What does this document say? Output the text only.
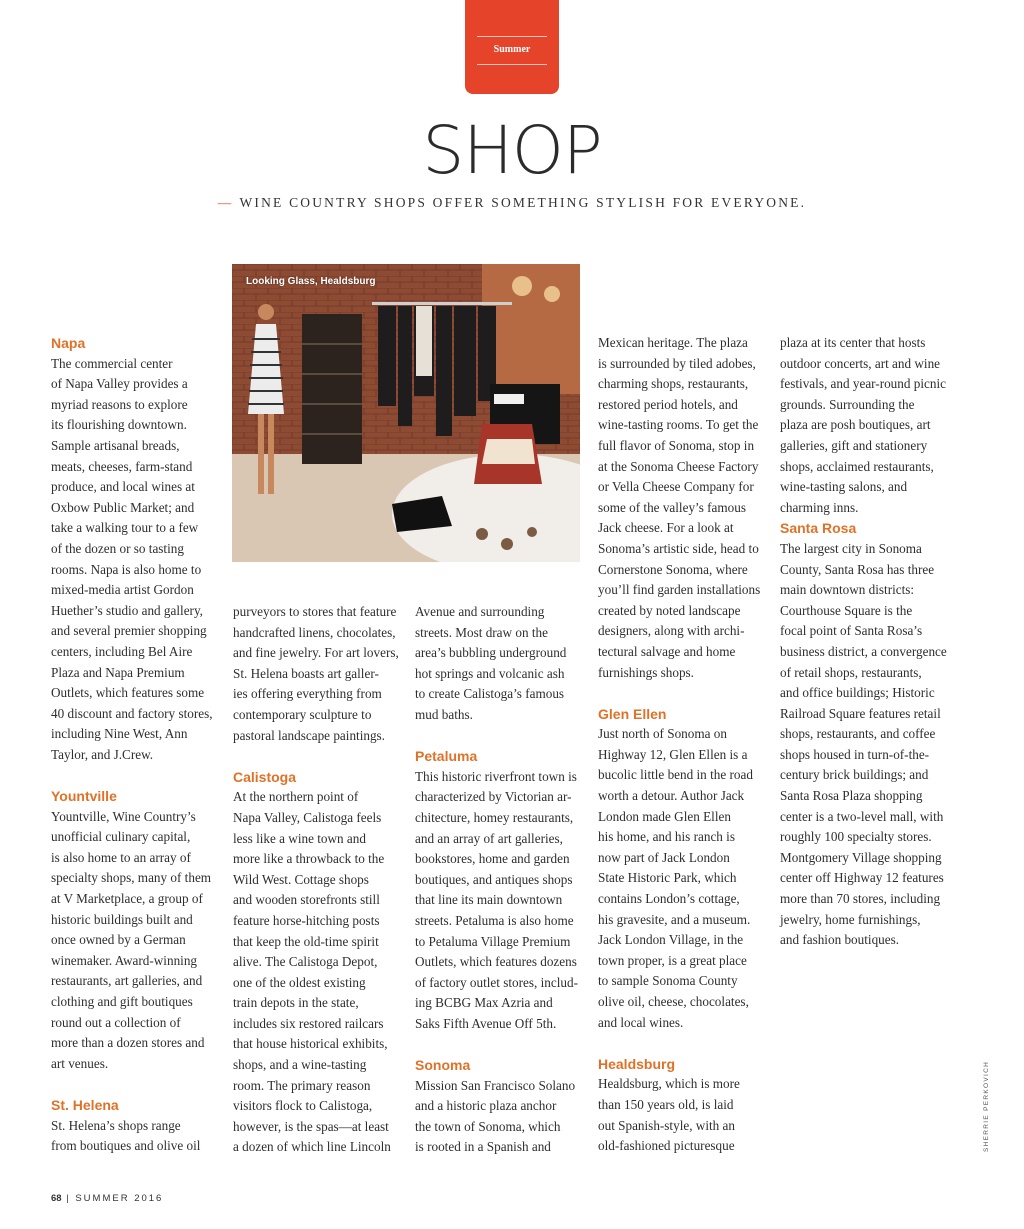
Summer
SHOP
— WINE COUNTRY SHOPS OFFER SOMETHING STYLISH FOR EVERYONE.
Looking Glass, Healdsburg
Napa

The commercial center
of Napa Valley provides a
myriad reasons to explore
its flourishing downtown.
Sample artisanal breads,
meats, cheeses, farm-stand
produce, and local wines at
Oxbow Public Market; and
take a walking tour to a few
of the dozen or so tasting
rooms. Napa is also home to
mixed-media artist Gordon
Huether’s studio and gallery,
and several premier shopping
centers, including Bel Aire
Plaza and Napa Premium
Outlets, which features some
40 discount and factory stores,
including Nine West, Ann
Taylor, and J.Crew.

Yountville

Yountville, Wine Country’s
unofficial culinary capital,
is also home to an array of
specialty shops, many of them
at V Marketplace, a group of
historic buildings built and
once owned by a German
winemaker. Award-winning
restaurants, art galleries, and
clothing and gift boutiques
round out a collection of
more than a dozen stores and
art venues.

St. Helena

St. Helena’s shops range
from boutiques and olive oil

purveyors to stores that feature
handcrafted linens, chocolates,
and fine jewelry. For art lovers,
St. Helena boasts art galler-
ies offering everything from
contemporary sculpture to
pastoral landscape paintings.

Calistoga

At the northern point of
Napa Valley, Calistoga feels
less like a wine town and
more like a throwback to the
Wild West. Cottage shops
and wooden storefronts still
feature horse-hitching posts
that keep the old-time spirit
alive. The Calistoga Depot,
one of the oldest existing
train depots in the state,
includes six restored railcars
that house historical exhibits,
shops, and a wine-tasting
room. The primary reason
visitors flock to Calistoga,
however, is the spas—at least
a dozen of which line Lincoln

Avenue and surrounding
streets. Most draw on the
area’s bubbling underground
hot springs and volcanic ash
to create Calistoga’s famous
mud baths.

Petaluma

This historic riverfront town is
characterized by Victorian ar-
chitecture, homey restaurants,
and an array of art galleries,
bookstores, home and garden
boutiques, and antiques shops
that line its main downtown
streets. Petaluma is also home
to Petaluma Village Premium
Outlets, which features dozens
of factory outlet stores, includ-
ing BCBG Max Azria and
Saks Fifth Avenue Off 5th.

Sonoma

Mission San Francisco Solano
and a historic plaza anchor
the town of Sonoma, which
is rooted in a Spanish and

Mexican heritage. The plaza
is surrounded by tiled adobes,
charming shops, restaurants,
restored period hotels, and
wine-tasting rooms. To get the
full flavor of Sonoma, stop in
at the Sonoma Cheese Factory
or Vella Cheese Company for
some of the valley’s famous
Jack cheese. For a look at
Sonoma’s artistic side, head to
Cornerstone Sonoma, where
you’ll find garden installations
created by noted landscape
designers, along with archi-
tectural salvage and home
furnishings shops.

Glen Ellen

Just north of Sonoma on
Highway 12, Glen Ellen is a
bucolic little bend in the road
worth a detour. Author Jack
London made Glen Ellen
his home, and his ranch is
now part of Jack London
State Historic Park, which
contains London’s cottage,
his gravesite, and a museum.
Jack London Village, in the
town proper, is a great place
to sample Sonoma County
olive oil, cheese, chocolates,
and local wines.

Healdsburg

Healdsburg, which is more
than 150 years old, is laid
out Spanish-style, with an
old-fashioned picturesque

plaza at its center that hosts
outdoor concerts, art and wine
festivals, and year-round picnic
grounds. Surrounding the
plaza are posh boutiques, art
galleries, gift and stationery
shops, acclaimed restaurants,
wine-tasting salons, and
charming inns.

Santa Rosa

The largest city in Sonoma
County, Santa Rosa has three
main downtown districts:
Courthouse Square is the
focal point of Santa Rosa’s
business district, a convergence
of retail shops, restaurants,
and office buildings; Historic
Railroad Square features retail
shops, restaurants, and coffee
shops housed in turn-of-the-
century brick buildings; and
Santa Rosa Plaza shopping
center is a two-level mall, with
roughly 100 specialty stores.
Montgomery Village shopping
center off Highway 12 features
more than 70 stores, including
jewelry, home furnishings,
and fashion boutiques.

SHERRIE PERKOVICH
68 | SUMMER 2016
